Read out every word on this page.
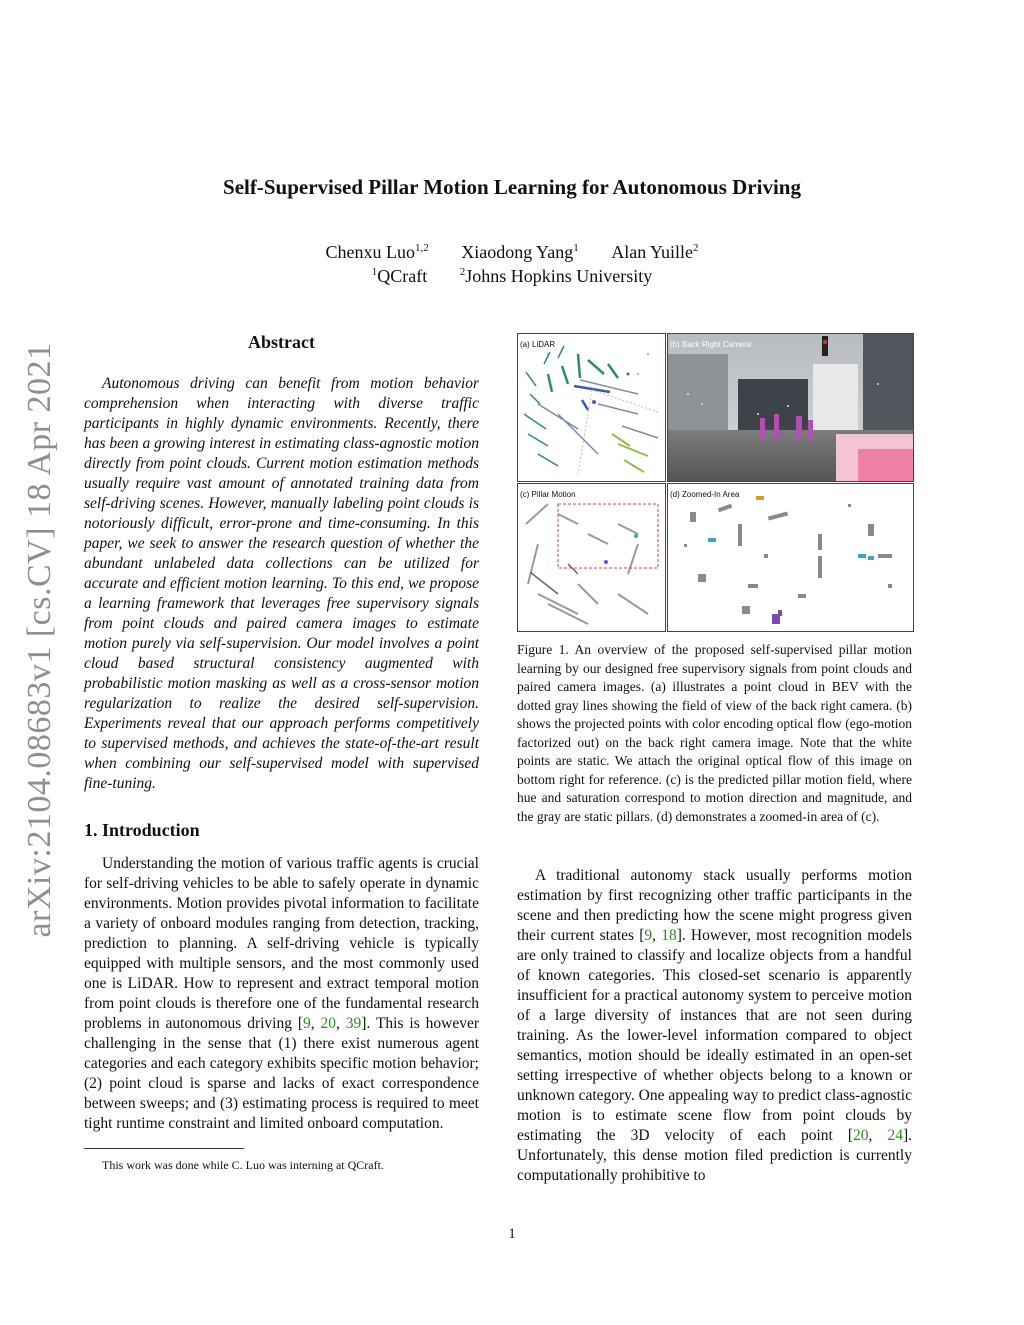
arXiv:2104.08683v1 [cs.CV] 18 Apr 2021
Self-Supervised Pillar Motion Learning for Autonomous Driving
Chenxu Luo$^{1,2}$ Xiaodong Yang$^1$ Alan Yuille$^2$
$^1$QCraft	$^2$Johns Hopkins University
Abstract

Autonomous driving can benefit from motion behavior comprehension when interacting with diverse traffic participants in highly dynamic environments. Recently, there has been a growing interest in estimating class-agnostic motion directly from point clouds. Current motion estimation methods usually require vast amount of annotated training data from self-driving scenes. However, manually labeling point clouds is notoriously difficult, error-prone and time-consuming. In this paper, we seek to answer the research question of whether the abundant unlabeled data collections can be utilized for accurate and efficient motion learning. To this end, we propose a learning framework that leverages free supervisory signals from point clouds and paired camera images to estimate motion purely via self-supervision. Our model involves a point cloud based structural consistency augmented with probabilistic motion masking as well as a cross-sensor motion regularization to realize the desired self-supervision. Experiments reveal that our approach performs competitively to supervised methods, and achieves the state-of-the-art result when combining our self-supervised model with supervised fine-tuning.

1. Introduction

Understanding the motion of various traffic agents is crucial for self-driving vehicles to be able to safely operate in dynamic environments. Motion provides pivotal information to facilitate a variety of onboard modules ranging from detection, tracking, prediction to planning. A self-driving vehicle is typically equipped with multiple sensors, and the most commonly used one is LiDAR. How to represent and extract temporal motion from point clouds is therefore one of the fundamental research problems in autonomous driving [9, 20, 39]. This is however challenging in the sense that (1) there exist numerous agent categories and each category exhibits specific motion behavior; (2) point cloud is sparse and lacks of exact correspondence between sweeps; and (3) estimating process is required to meet tight runtime constraint and limited onboard computation.

This work was done while C. Luo was interning at QCraft.

(a) LiDAR	(b) Back Right Camera
(c) Pillar Motion	(d) Zoomed-In Area

Figure 1. An overview of the proposed self-supervised pillar motion learning by our designed free supervisory signals from point clouds and paired camera images. (a) illustrates a point cloud in BEV with the dotted gray lines showing the field of view of the back right camera. (b) shows the projected points with color encoding optical flow (ego-motion factorized out) on the back right camera image. Note that the white points are static. We attach the original optical flow of this image on bottom right for reference. (c) is the predicted pillar motion field, where hue and saturation correspond to motion direction and magnitude, and the gray are static pillars. (d) demonstrates a zoomed-in area of (c).

A traditional autonomy stack usually performs motion estimation by first recognizing other traffic participants in the scene and then predicting how the scene might progress given their current states [9, 18]. However, most recognition models are only trained to classify and localize objects from a handful of known categories. This closed-set scenario is apparently insufficient for a practical autonomy system to perceive motion of a large diversity of instances that are not seen during training. As the lower-level information compared to object semantics, motion should be ideally estimated in an open-set setting irrespective of whether objects belong to a known or unknown category. One appealing way to predict class-agnostic motion is to estimate scene flow from point clouds by estimating the 3D velocity of each point [20, 24]. Unfortunately, this dense motion filed prediction is currently computationally prohibitive to

1
